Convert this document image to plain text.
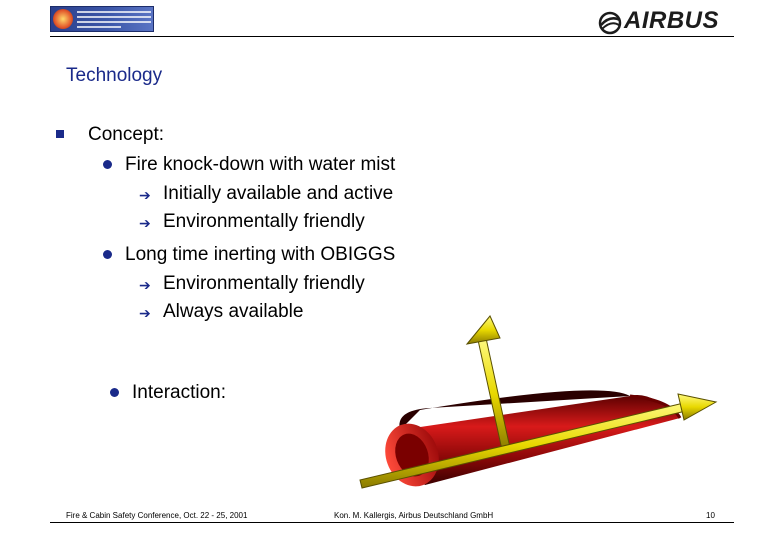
AIRBUS
Technology
Concept:
Fire knock-down with water mist
➔ Initially available and active
➔ Environmentally friendly
Long time inerting with OBIGGS
➔ Environmentally friendly
➔ Always available
Interaction:
Fire & Cabin Safety Conference, Oct. 22 - 25, 2001	Kon. M. Kallergis, Airbus Deutschland GmbH	10
